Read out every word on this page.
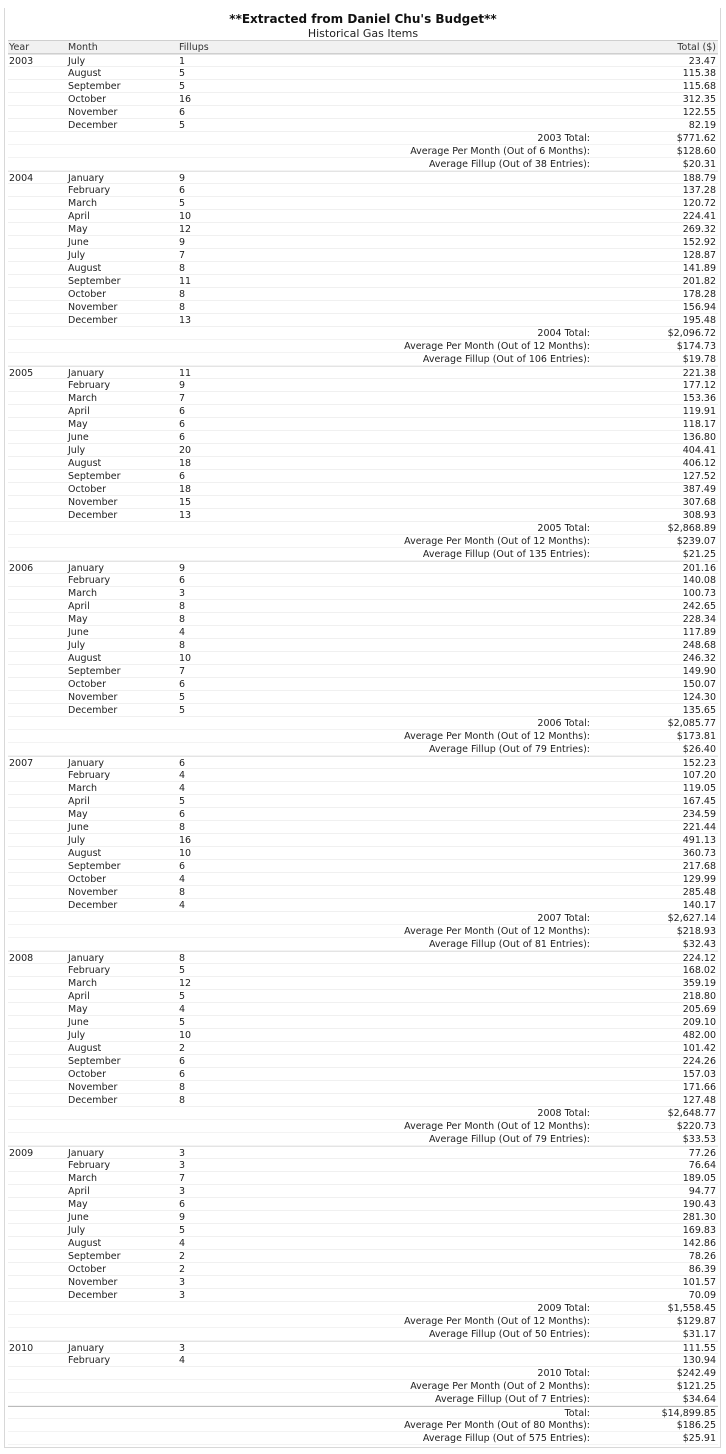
**Extracted from Daniel Chu's Budget**
Historical Gas Items
Year	Month	Fillups	Total ($)
2003	July	1	23.47
August	5	115.38
September	5	115.68
October	16	312.35
November	6	122.55
December	5	82.19
2003 Total:	$771.62
Average Per Month (Out of 6 Months):	$128.60
Average Fillup (Out of 38 Entries):	$20.31
2004	January	9	188.79
February	6	137.28
March	5	120.72
April	10	224.41
May	12	269.32
June	9	152.92
July	7	128.87
August	8	141.89
September	11	201.82
October	8	178.28
November	8	156.94
December	13	195.48
2004 Total:	$2,096.72
Average Per Month (Out of 12 Months):	$174.73
Average Fillup (Out of 106 Entries):	$19.78
2005	January	11	221.38
February	9	177.12
March	7	153.36
April	6	119.91
May	6	118.17
June	6	136.80
July	20	404.41
August	18	406.12
September	6	127.52
October	18	387.49
November	15	307.68
December	13	308.93
2005 Total:	$2,868.89
Average Per Month (Out of 12 Months):	$239.07
Average Fillup (Out of 135 Entries):	$21.25
2006	January	9	201.16
February	6	140.08
March	3	100.73
April	8	242.65
May	8	228.34
June	4	117.89
July	8	248.68
August	10	246.32
September	7	149.90
October	6	150.07
November	5	124.30
December	5	135.65
2006 Total:	$2,085.77
Average Per Month (Out of 12 Months):	$173.81
Average Fillup (Out of 79 Entries):	$26.40
2007	January	6	152.23
February	4	107.20
March	4	119.05
April	5	167.45
May	6	234.59
June	8	221.44
July	16	491.13
August	10	360.73
September	6	217.68
October	4	129.99
November	8	285.48
December	4	140.17
2007 Total:	$2,627.14
Average Per Month (Out of 12 Months):	$218.93
Average Fillup (Out of 81 Entries):	$32.43
2008	January	8	224.12
February	5	168.02
March	12	359.19
April	5	218.80
May	4	205.69
June	5	209.10
July	10	482.00
August	2	101.42
September	6	224.26
October	6	157.03
November	8	171.66
December	8	127.48
2008 Total:	$2,648.77
Average Per Month (Out of 12 Months):	$220.73
Average Fillup (Out of 79 Entries):	$33.53
2009	January	3	77.26
February	3	76.64
March	7	189.05
April	3	94.77
May	6	190.43
June	9	281.30
July	5	169.83
August	4	142.86
September	2	78.26
October	2	86.39
November	3	101.57
December	3	70.09
2009 Total:	$1,558.45
Average Per Month (Out of 12 Months):	$129.87
Average Fillup (Out of 50 Entries):	$31.17
2010	January	3	111.55
February	4	130.94
2010 Total:	$242.49
Average Per Month (Out of 2 Months):	$121.25
Average Fillup (Out of 7 Entries):	$34.64
Total:	$14,899.85
Average Per Month (Out of 80 Months):	$186.25
Average Fillup (Out of 575 Entries):	$25.91
